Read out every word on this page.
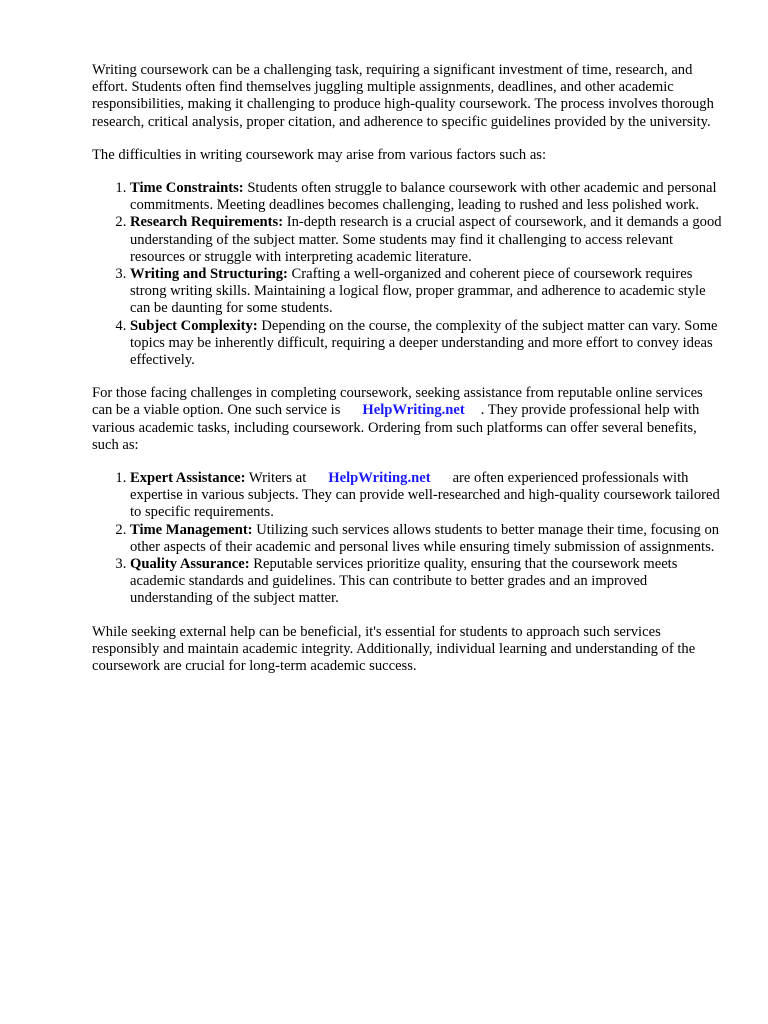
Writing coursework can be a challenging task, requiring a significant investment of time, research, and effort. Students often find themselves juggling multiple assignments, deadlines, and other academic responsibilities, making it challenging to produce high-quality coursework. The process involves thorough research, critical analysis, proper citation, and adherence to specific guidelines provided by the university.

The difficulties in writing coursework may arise from various factors such as:

1. Time Constraints: Students often struggle to balance coursework with other academic and personal commitments. Meeting deadlines becomes challenging, leading to rushed and less polished work.
2. Research Requirements: In-depth research is a crucial aspect of coursework, and it demands a good understanding of the subject matter. Some students may find it challenging to access relevant resources or struggle with interpreting academic literature.
3. Writing and Structuring: Crafting a well-organized and coherent piece of coursework requires strong writing skills. Maintaining a logical flow, proper grammar, and adherence to academic style can be daunting for some students.
4. Subject Complexity: Depending on the course, the complexity of the subject matter can vary. Some topics may be inherently difficult, requiring a deeper understanding and more effort to convey ideas effectively.

For those facing challenges in completing coursework, seeking assistance from reputable online services can be a viable option. One such service is HelpWriting.net . They provide professional help with various academic tasks, including coursework. Ordering from such platforms can offer several benefits, such as:

1. Expert Assistance: Writers at HelpWriting.net are often experienced professionals with expertise in various subjects. They can provide well-researched and high-quality coursework tailored to specific requirements.
2. Time Management: Utilizing such services allows students to better manage their time, focusing on other aspects of their academic and personal lives while ensuring timely submission of assignments.
3. Quality Assurance: Reputable services prioritize quality, ensuring that the coursework meets academic standards and guidelines. This can contribute to better grades and an improved understanding of the subject matter.

While seeking external help can be beneficial, it's essential for students to approach such services responsibly and maintain academic integrity. Additionally, individual learning and understanding of the coursework are crucial for long-term academic success.
